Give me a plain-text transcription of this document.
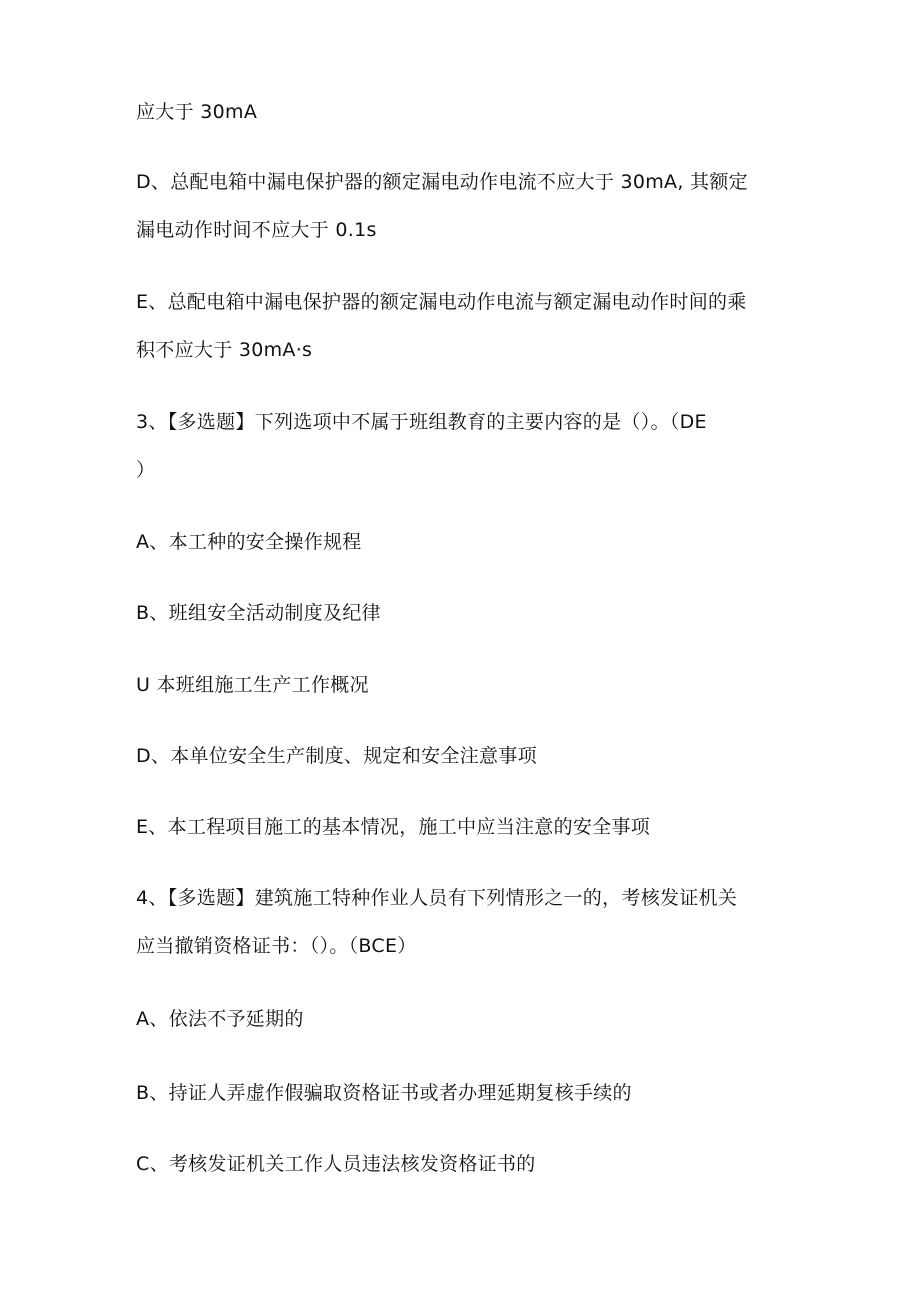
应大于 30mA
D、总配电箱中漏电保护器的额定漏电动作电流不应大于 30mA, 其额定
漏电动作时间不应大于 0.1s
E、总配电箱中漏电保护器的额定漏电动作电流与额定漏电动作时间的乘
积不应大于 30mA·s
3、【多选题】下列选项中不属于班组教育的主要内容的是（）。（DE
）
A、本工种的安全操作规程
B、班组安全活动制度及纪律
U 本班组施工生产工作概况
D、本单位安全生产制度、规定和安全注意事项
E、本工程项目施工的基本情况，施工中应当注意的安全事项
4、【多选题】建筑施工特种作业人员有下列情形之一的，考核发证机关
应当撤销资格证书：（）。（BCE）
A、依法不予延期的
B、持证人弄虚作假骗取资格证书或者办理延期复核手续的
C、考核发证机关工作人员违法核发资格证书的
